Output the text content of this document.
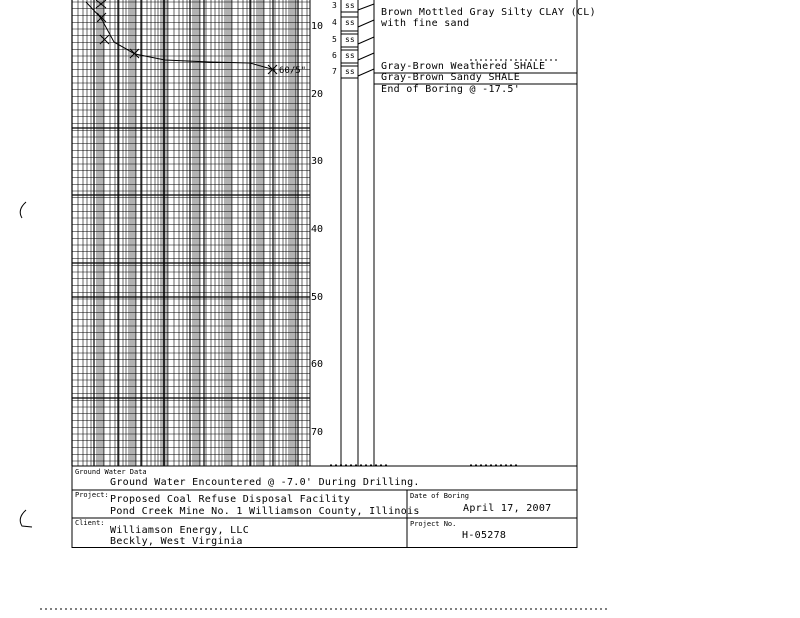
10
20
30
40
50
60
70
60/5"
3 ss
4 ss
5 ss
6 ss
7 ss
Brown Mottled Gray Silty CLAY (CL)
with fine sand
Gray-Brown Weathered SHALE
Gray-Brown Sandy SHALE
End of Boring @ -17.5'
Ground Water Data
Ground Water Encountered @ -7.0' During Drilling.
Project: Proposed Coal Refuse Disposal Facility
Pond Creek Mine No. 1 Williamson County, Illinois
Date of Boring
April 17, 2007
Client:
Williamson Energy, LLC
Beckly, West Virginia
Project No.
H-05278
